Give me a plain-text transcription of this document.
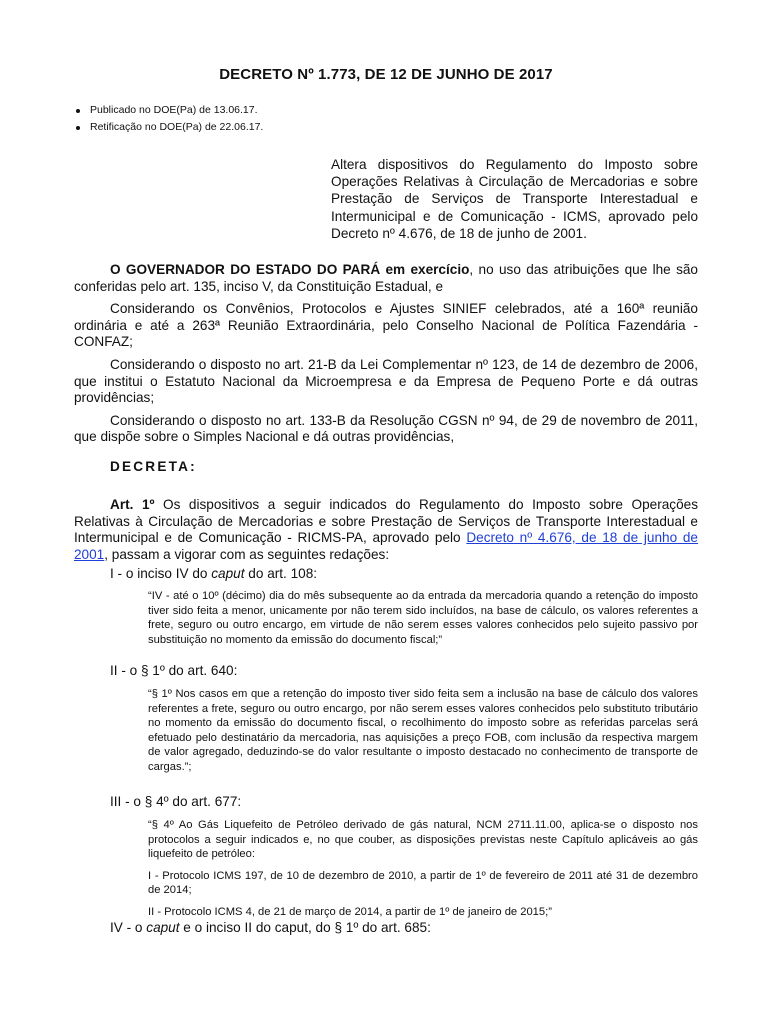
DECRETO Nº 1.773, DE 12 DE JUNHO DE 2017
Publicado no DOE(Pa) de 13.06.17.
Retificação no DOE(Pa) de 22.06.17.
Altera dispositivos do Regulamento do Imposto sobre Operações Relativas à Circulação de Mercadorias e sobre Prestação de Serviços de Transporte Interestadual e Intermunicipal e de Comunicação - ICMS, aprovado pelo Decreto nº 4.676, de 18 de junho de 2001.

O GOVERNADOR DO ESTADO DO PARÁ em exercício, no uso das atribuições que lhe são conferidas pelo art. 135, inciso V, da Constituição Estadual, e

Considerando os Convênios, Protocolos e Ajustes SINIEF celebrados, até a 160ª reunião ordinária e até a 263ª Reunião Extraordinária, pelo Conselho Nacional de Política Fazendária - CONFAZ;

Considerando o disposto no art. 21-B da Lei Complementar nº 123, de 14 de dezembro de 2006, que institui o Estatuto Nacional da Microempresa e da Empresa de Pequeno Porte e dá outras providências;

Considerando o disposto no art. 133-B da Resolução CGSN nº 94, de 29 de novembro de 2011, que dispõe sobre o Simples Nacional e dá outras providências,

DECRETA:

Art. 1º Os dispositivos a seguir indicados do Regulamento do Imposto sobre Operações Relativas à Circulação de Mercadorias e sobre Prestação de Serviços de Transporte Interestadual e Intermunicipal e de Comunicação - RICMS-PA, aprovado pelo Decreto nº 4.676, de 18 de junho de 2001, passam a vigorar com as seguintes redações:

I - o inciso IV do caput do art. 108:

“IV - até o 10º (décimo) dia do mês subsequente ao da entrada da mercadoria quando a retenção do imposto tiver sido feita a menor, unicamente por não terem sido incluídos, na base de cálculo, os valores referentes a frete, seguro ou outro encargo, em virtude de não serem esses valores conhecidos pelo sujeito passivo por substituição no momento da emissão do documento fiscal;”

II - o § 1º do art. 640:

“§ 1º Nos casos em que a retenção do imposto tiver sido feita sem a inclusão na base de cálculo dos valores referentes a frete, seguro ou outro encargo, por não serem esses valores conhecidos pelo substituto tributário no momento da emissão do documento fiscal, o recolhimento do imposto sobre as referidas parcelas será efetuado pelo destinatário da mercadoria, nas aquisições a preço FOB, com inclusão da respectiva margem de valor agregado, deduzindo-se do valor resultante o imposto destacado no conhecimento de transporte de cargas.”;

III - o § 4º do art. 677:

“§ 4º Ao Gás Liquefeito de Petróleo derivado de gás natural, NCM 2711.11.00, aplica-se o disposto nos protocolos a seguir indicados e, no que couber, as disposições previstas neste Capítulo aplicáveis ao gás liquefeito de petróleo:

I - Protocolo ICMS 197, de 10 de dezembro de 2010, a partir de 1º de fevereiro de 2011 até 31 de dezembro de 2014;

II - Protocolo ICMS 4, de 21 de março de 2014, a partir de 1º de janeiro de 2015;”

IV - o caput e o inciso II do caput, do § 1º do art. 685:
